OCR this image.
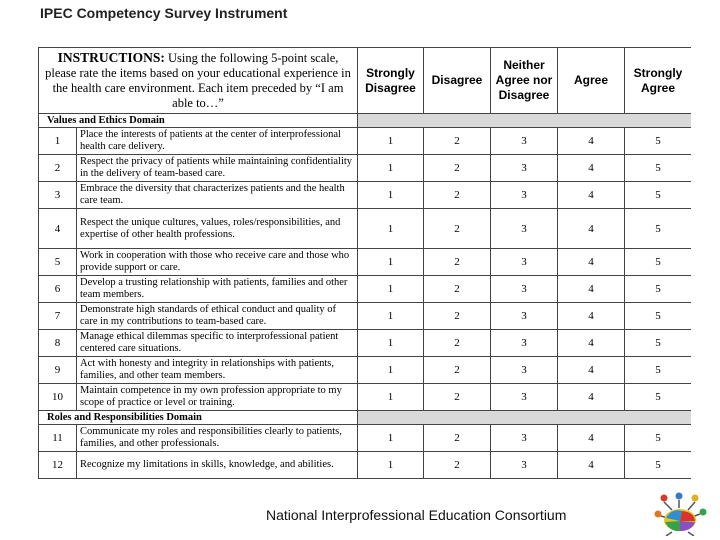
IPEC Competency Survey Instrument
INSTRUCTIONS: Using the following 5-point scale, please rate the items based on your educational experience in the health care environment. Each item preceded by “I am able to…”		Strongly Disagree	Disagree	Neither Agree nor Disagree	Agree	Strongly Agree
Values and Ethics Domain						
1	Place the interests of patients at the center of interprofessional health care delivery.	1	2	3	4	5
2	Respect the privacy of patients while maintaining confidentiality in the delivery of team-based care.	1	2	3	4	5
3	Embrace the diversity that characterizes patients and the health care team.	1	2	3	4	5
4	Respect the unique cultures, values, roles/responsibilities, and expertise of other health professions.	1	2	3	4	5
5	Work in cooperation with those who receive care and those who provide support or care.	1	2	3	4	5
6	Develop a trusting relationship with patients, families and other team members.	1	2	3	4	5
7	Demonstrate high standards of ethical conduct and quality of care in my contributions to team-based care.	1	2	3	4	5
8	Manage ethical dilemmas specific to interprofessional patient centered care situations.	1	2	3	4	5
9	Act with honesty and integrity in relationships with patients, families, and other team members.	1	2	3	4	5
10	Maintain competence in my own profession appropriate to my scope of practice or level or training.	1	2	3	4	5
Roles and Responsibilities Domain						
11	Communicate my roles and responsibilities clearly to patients, families, and other professionals.	1	2	3	4	5
12	Recognize my limitations in skills, knowledge, and abilities.	1	2	3	4	5
National Interprofessional Education Consortium
